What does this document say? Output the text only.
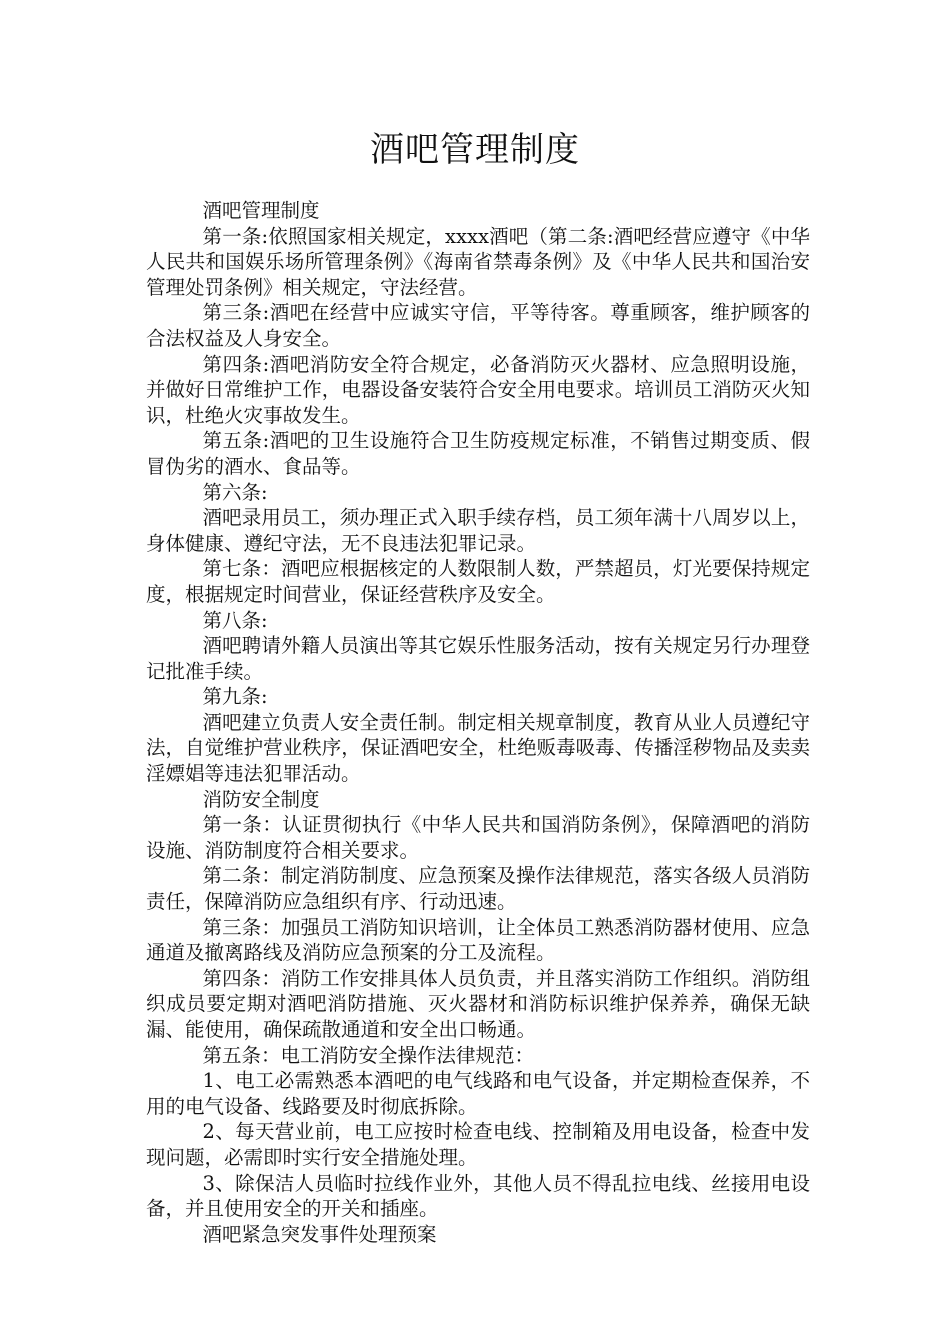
酒吧管理制度

酒吧管理制度

第一条:依照国家相关规定，xxxx酒吧（第二条:酒吧经营应遵守《中华人民共和国娱乐场所管理条例》《海南省禁毒条例》及《中华人民共和国治安管理处罚条例》相关规定，守法经营。

第三条:酒吧在经营中应诚实守信，平等待客。尊重顾客，维护顾客的合法权益及人身安全。

第四条:酒吧消防安全符合规定，必备消防灭火器材、应急照明设施，并做好日常维护工作，电器设备安装符合安全用电要求。培训员工消防灭火知识，杜绝火灾事故发生。

第五条:酒吧的卫生设施符合卫生防疫规定标准，不销售过期变质、假冒伪劣的酒水、食品等。

第六条:

酒吧录用员工，须办理正式入职手续存档，员工须年满十八周岁以上，身体健康、遵纪守法，无不良违法犯罪记录。

第七条：酒吧应根据核定的人数限制人数，严禁超员，灯光要保持规定度，根据规定时间营业，保证经营秩序及安全。

第八条:

酒吧聘请外籍人员演出等其它娱乐性服务活动，按有关规定另行办理登记批准手续。

第九条:

酒吧建立负责人安全责任制。制定相关规章制度，教育从业人员遵纪守法，自觉维护营业秩序，保证酒吧安全，杜绝贩毒吸毒、传播淫秽物品及卖卖淫嫖娼等违法犯罪活动。

消防安全制度

第一条：认证贯彻执行《中华人民共和国消防条例》，保障酒吧的消防设施、消防制度符合相关要求。

第二条：制定消防制度、应急预案及操作法律规范，落实各级人员消防责任，保障消防应急组织有序、行动迅速。

第三条：加强员工消防知识培训，让全体员工熟悉消防器材使用、应急通道及撤离路线及消防应急预案的分工及流程。

第四条：消防工作安排具体人员负责，并且落实消防工作组织。消防组织成员要定期对酒吧消防措施、灭火器材和消防标识维护保养养，确保无缺漏、能使用，确保疏散通道和安全出口畅通。

第五条：电工消防安全操作法律规范：

1、电工必需熟悉本酒吧的电气线路和电气设备，并定期检查保养，不用的电气设备、线路要及时彻底拆除。

2、每天营业前，电工应按时检查电线、控制箱及用电设备，检查中发现问题，必需即时实行安全措施处理。

3、除保洁人员临时拉线作业外，其他人员不得乱拉电线、丝接用电设备，并且使用安全的开关和插座。

酒吧紧急突发事件处理预案
